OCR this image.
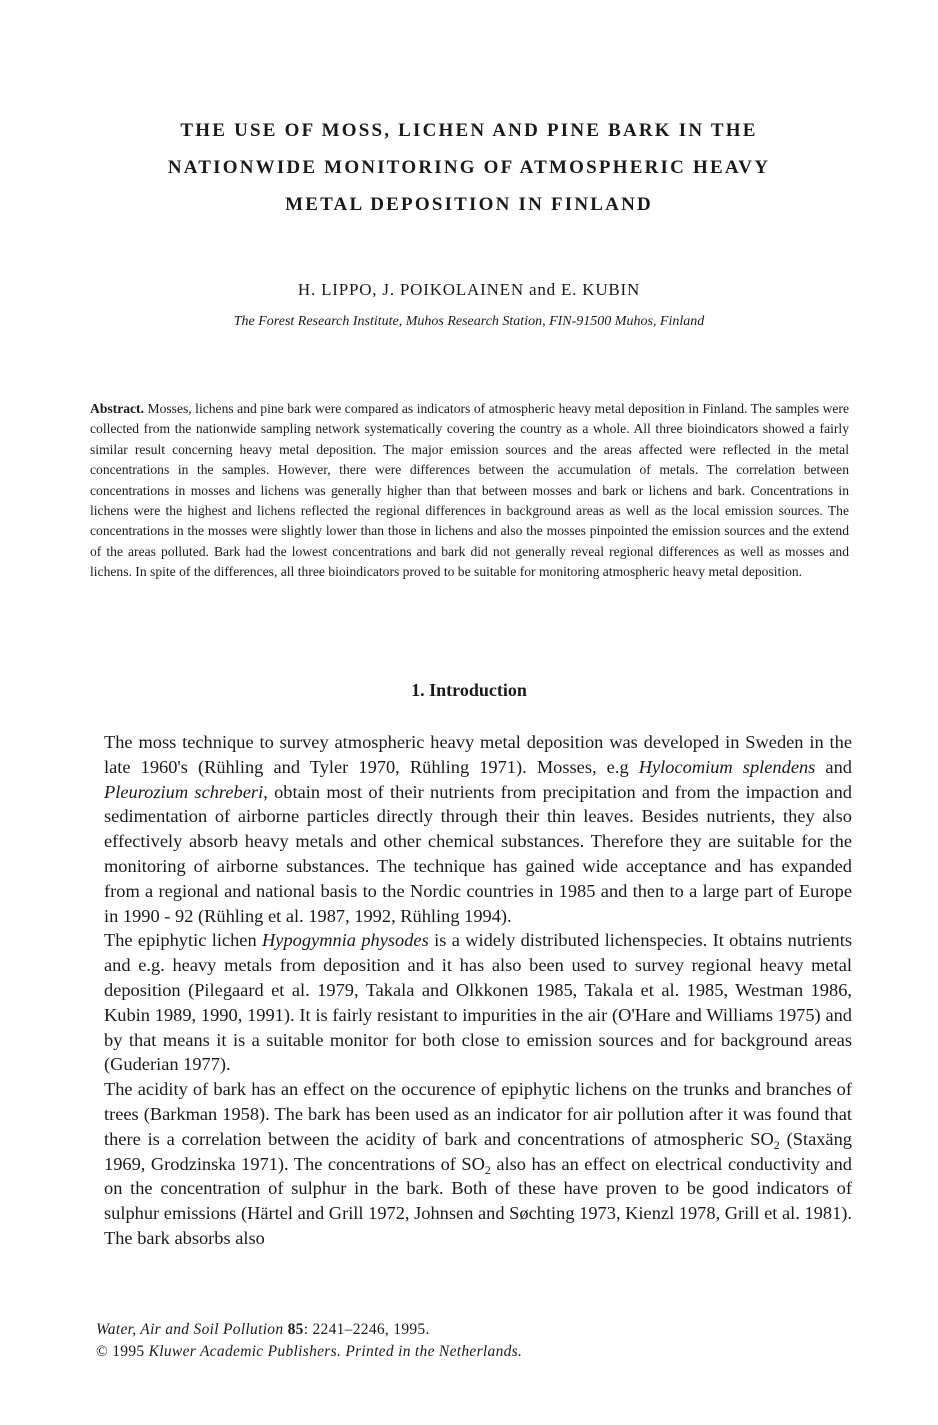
THE USE OF MOSS, LICHEN AND PINE BARK IN THE
NATIONWIDE MONITORING OF ATMOSPHERIC HEAVY
METAL DEPOSITION IN FINLAND

H. LIPPO, J. POIKOLAINEN and E. KUBIN

The Forest Research Institute, Muhos Research Station, FIN-91500 Muhos, Finland

Abstract. Mosses, lichens and pine bark were compared as indicators of atmospheric heavy metal deposition in Finland. The samples were collected from the nationwide sampling network systematically covering the country as a whole. All three bioindicators showed a fairly similar result concerning heavy metal deposition. The major emission sources and the areas affected were reflected in the metal concentrations in the samples. However, there were differences between the accumulation of metals. The correlation between concentrations in mosses and lichens was generally higher than that between mosses and bark or lichens and bark. Concentrations in lichens were the highest and lichens reflected the regional differences in background areas as well as the local emission sources. The concentrations in the mosses were slightly lower than those in lichens and also the mosses pinpointed the emission sources and the extend of the areas polluted. Bark had the lowest concentrations and bark did not generally reveal regional differences as well as mosses and lichens. In spite of the differences, all three bioindicators proved to be suitable for monitoring atmospheric heavy metal deposition.

1. Introduction

The moss technique to survey atmospheric heavy metal deposition was developed in Sweden in the late 1960's (Rühling and Tyler 1970, Rühling 1971). Mosses, e.g Hylocomium splendens and Pleurozium schreberi, obtain most of their nutrients from precipitation and from the impaction and sedimentation of airborne particles directly through their thin leaves. Besides nutrients, they also effectively absorb heavy metals and other chemical substances. Therefore they are suitable for the monitoring of airborne substances. The technique has gained wide acceptance and has expanded from a regional and national basis to the Nordic countries in 1985 and then to a large part of Europe in 1990 - 92 (Rühling et al. 1987, 1992, Rühling 1994).

The epiphytic lichen Hypogymnia physodes is a widely distributed lichenspecies. It obtains nutrients and e.g. heavy metals from deposition and it has also been used to survey regional heavy metal deposition (Pilegaard et al. 1979, Takala and Olkkonen 1985, Takala et al. 1985, Westman 1986, Kubin 1989, 1990, 1991). It is fairly resistant to impurities in the air (O'Hare and Williams 1975) and by that means it is a suitable monitor for both close to emission sources and for background areas (Guderian 1977).

The acidity of bark has an effect on the occurence of epiphytic lichens on the trunks and branches of trees (Barkman 1958). The bark has been used as an indicator for air pollution after it was found that there is a correlation between the acidity of bark and concentrations of atmospheric $SO_2$ (Staxäng 1969, Grodzinska 1971). The concentrations of $SO_2$ also has an effect on electrical conductivity and on the concentration of sulphur in the bark. Both of these have proven to be good indicators of sulphur emissions (Härtel and Grill 1972, Johnsen and Søchting 1973, Kienzl 1978, Grill et al. 1981). The bark absorbs also

Water, Air and Soil Pollution 85: 2241–2246, 1995.
© 1995 Kluwer Academic Publishers. Printed in the Netherlands.
